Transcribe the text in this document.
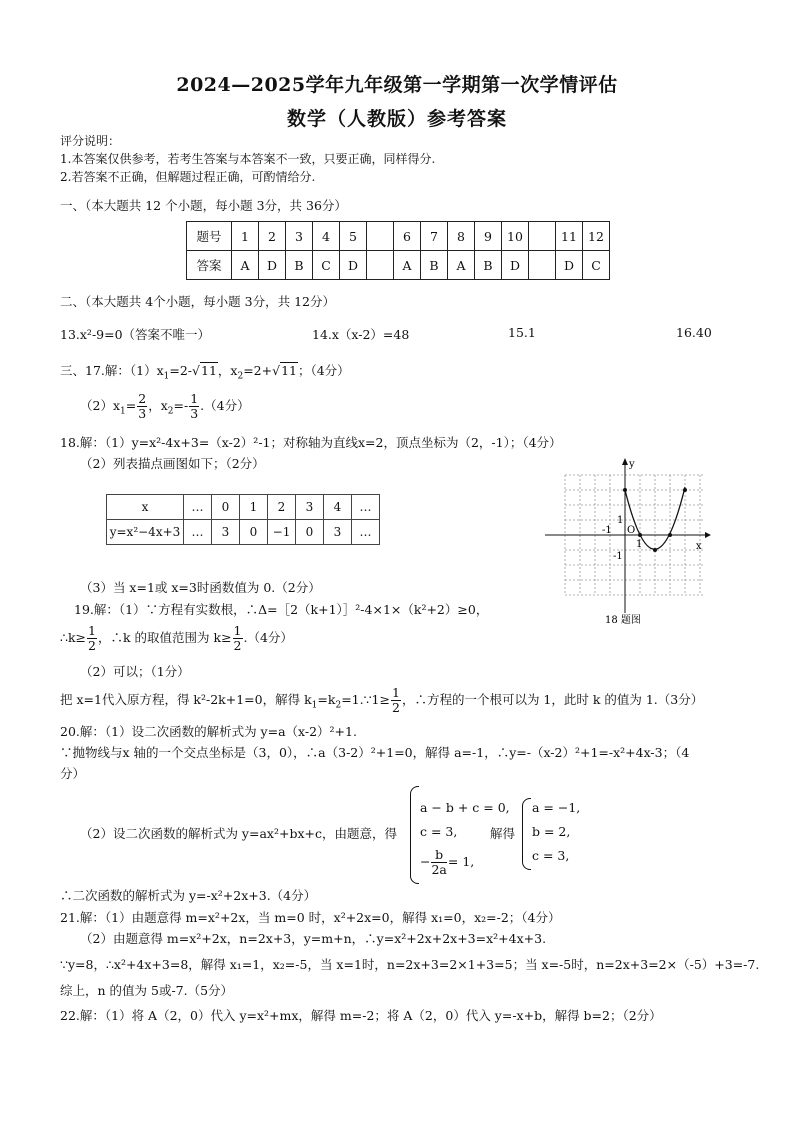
2024—2025学年九年级第一学期第一次学情评估
数学（人教版）参考答案
评分说明：
1.本答案仅供参考，若考生答案与本答案不一致，只要正确，同样得分.
2.若答案不正确，但解题过程正确，可酌情给分.
一、（本大题共 12 个小题，每小题 3分，共 36分）
题号	1	2	3	4	5		6	7	8	9	10		11	12
答案	A	D	B	C	D		A	B	A	B	D		D	C
二、（本大题共 4个小题，每小题 3分，共 12分）
13.x²-9=0（答案不唯一）	14.x（x-2）=48	15.1	16.40
三、17.解：$(1)x_1=2-√11$，$x_2=2+√11$；（4分）
$(2)x_1= \frac{2}{3}$ ，$x_2=- \frac{1}{3} .(4$分）
18.解：（1）y=x²-4x+3=（x-2）²-1；对称轴为直线x=2，顶点坐标为（2，-1）；（4分）
（2）列表描点画图如下；（2分）
x	…	0	1	2	3	4	…
y=x²−4x+3	…	3	0	−1	0	3	…
x
y
O
1
-1
-1
1
18 题图
（3）当 x=1或 x=3时函数值为 0.（2分）
19.解：（1）∵方程有实数根，∴Δ=［2（k+1）］²-4×1×（k²+2）≥0，
∴k≥ $\frac{1}{2}$ ，∴k 的取值范围为 $k\ge \frac{1}{2} .(4$分）
（2）可以；（1分）
把 x=1代入原方程，得 k²-2k+1=0，解得 $k_1=k_2=1.\because 1\ge \frac{1}{2}$ ，∴方程的一个根可以为 1，此时 k 的值为 1.（3分）
20.解：（1）设二次函数的解析式为 y=a（x-2）²+1.
∵抛物线与x 轴的一个交点坐标是（3，0），∴a（3-2）²+1=0，解得 a=-1，∴y=-（x-2）²+1=-x²+4x-3；（4
分）
（2）设二次函数的解析式为 y=ax²+bx+c，由题意，得
a − b + c = 0,
c = 3,
− $\frac{b}{2a} = 1$,
解得
a = −1,
b = 2,
c = 3,
∴二次函数的解析式为 y=-x²+2x+3.（4分）
21.解：（1）由题意得 m=x²+2x，当 m=0 时，x²+2x=0，解得 x₁=0，x₂=-2；（4分）
（2）由题意得 m=x²+2x，n=2x+3，y=m+n，∴y=x²+2x+2x+3=x²+4x+3.
∵y=8，∴x²+4x+3=8，解得 x₁=1，x₂=-5，当 x=1时，n=2x+3=2×1+3=5；当 x=-5时，n=2x+3=2×（-5）+3=-7.
综上，n 的值为 5或-7.（5分）
22.解：（1）将 A（2，0）代入 y=x²+mx，解得 m=-2；将 A（2，0）代入 y=-x+b，解得 b=2；（2分）
